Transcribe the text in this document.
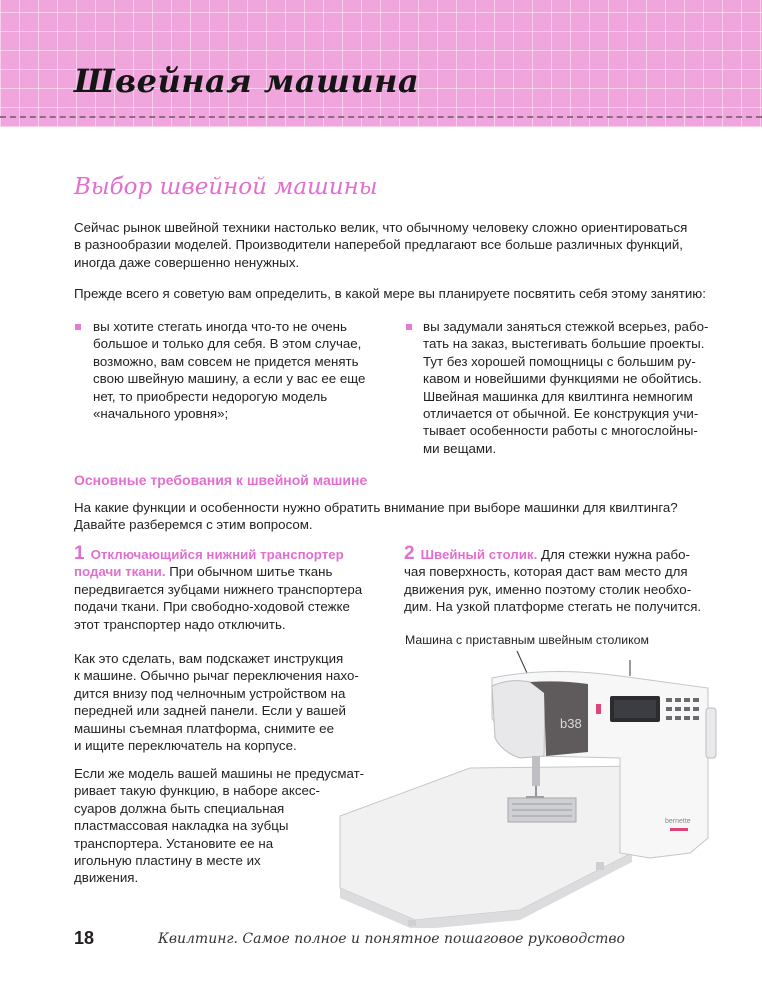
Швейная машина
Выбор швейной машины
Сейчас рынок швейной техники настолько велик, что обычному человеку сложно ориентироваться
в разнообразии моделей. Производители наперебой предлагают все больше различных функций,
иногда даже совершенно ненужных.
Прежде всего я советую вам определить, в какой мере вы планируете посвятить себя этому занятию:
вы хотите стегать иногда что-то не очень
большое и только для себя. В этом случае,
возможно, вам совсем не придется менять
свою швейную машину, а если у вас ее еще
нет, то приобрести недорогую модель
«начального уровня»;
вы задумали заняться стежкой всерьез, рабо-
тать на заказ, выстегивать большие проекты.
Тут без хорошей помощницы с большим ру-
кавом и новейшими функциями не обойтись.
Швейная машинка для квилтинга немногим
отличается от обычной. Ее конструкция учи-
тывает особенности работы с многослойны-
ми вещами.
Основные требования к швейной машине
На какие функции и особенности нужно обратить внимание при выборе машинки для квилтинга?
Давайте разберемся с этим вопросом.
1 Отключающийся нижний транспортер
подачи ткани. При обычном шитье ткань
передвигается зубцами нижнего транспортера
подачи ткани. При свободно-ходовой стежке
этот транспортер надо отключить.
Как это сделать, вам подскажет инструкция
к машине. Обычно рычаг переключения нахо-
дится внизу под челночным устройством на
передней или задней панели. Если у вашей
машины съемная платформа, снимите ее
и ищите переключатель на корпусе.
Если же модель вашей машины не предусмат-
ривает такую функцию, в наборе аксес-
суаров должна быть специальная
пластмассовая накладка на зубцы
транспортера. Установите ее на
игольную пластину в месте их
движения.
2 Швейный столик. Для стежки нужна рабо-
чая поверхность, которая даст вам место для
движения рук, именно поэтому столик необхо-
дим. На узкой платформе стегать не получится.
Машина с приставным швейным столиком
b38
bernette
18	Квилтинг. Самое полное и понятное пошаговое руководство
